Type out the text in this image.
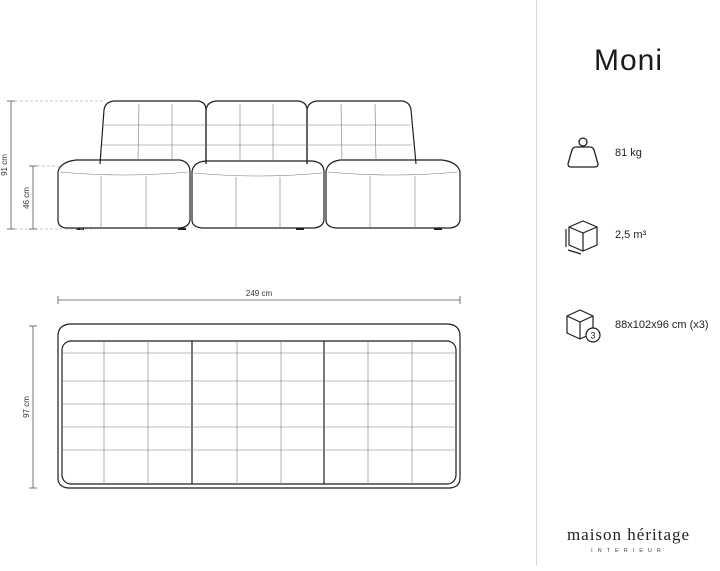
91 cm
46 cm
249 cm
97 cm
Moni
81 kg
2,5 m³
3
88x102x96 cm (x3)
maison héritage
INTERIEUR
